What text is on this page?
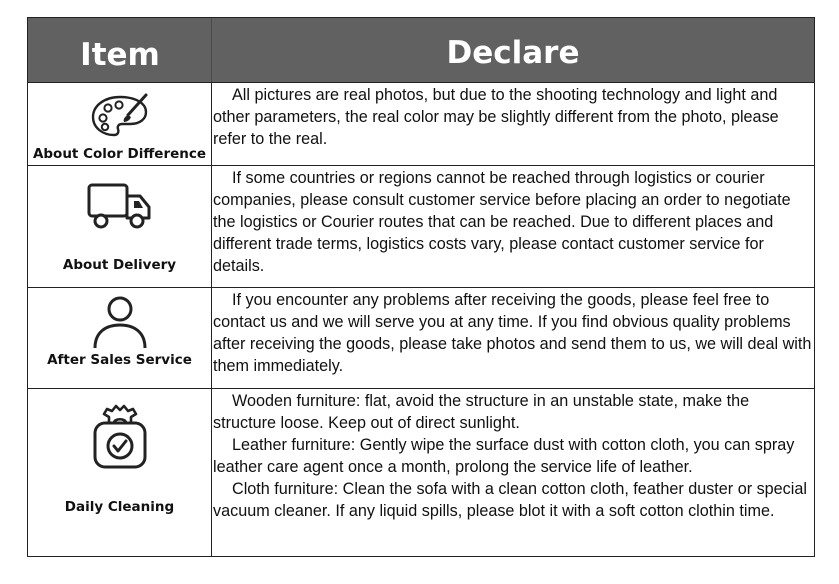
Item	Declare
About Color Difference

All pictures are real photos, but due to the shooting technology and light and other parameters, the real color may be slightly different from the photo, please refer to the real.

About Delivery

If some countries or regions cannot be reached through logistics or courier companies, please consult customer service before placing an order to negotiate the logistics or Courier routes that can be reached. Due to different places and different trade terms, logistics costs vary, please contact customer service for details.

After Sales Service

If you encounter any problems after receiving the goods, please feel free to contact us and we will serve you at any time. If you find obvious quality problems after receiving the goods, please take photos and send them to us, we will deal with them immediately.

Daily Cleaning

Wooden furniture: flat, avoid the structure in an unstable state, make the structure loose. Keep out of direct sunlight.

Leather furniture: Gently wipe the surface dust with cotton cloth, you can spray leather care agent once a month, prolong the service life of leather.

Cloth furniture: Clean the sofa with a clean cotton cloth, feather duster or special vacuum cleaner. If any liquid spills, please blot it with a soft cotton clothin time.
